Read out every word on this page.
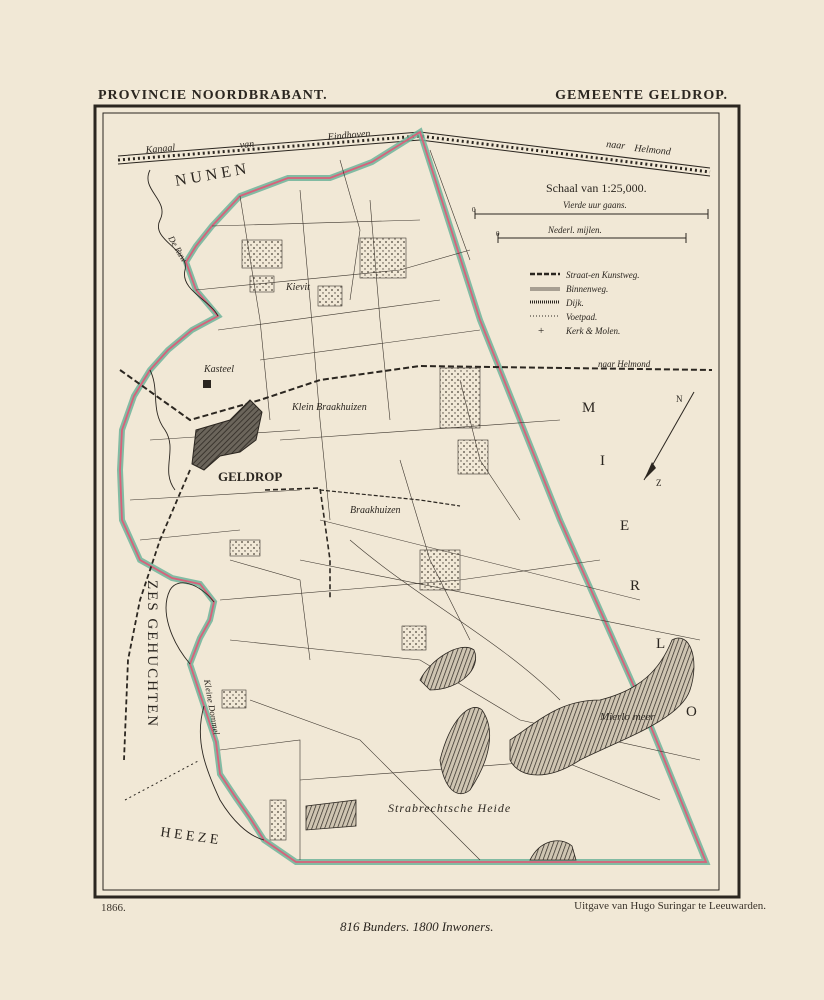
PROVINCIE NOORDBRABANT.	GEMEENTE GELDROP.
+
Kanaal	van
Eindhoven
naar Helmond
N U N E N	Schaal van 1:25,000.
Vierde uur gaans.
Nederl. mijlen.
0
0
Straat-en Kunstweg.
Binnenweg.
Dijk.
Voetpad.
Kerk & Molen.
De Ruw
Kievit
Kasteel
Klein Braakhuizen
GELDROP
Braakhuizen
naar Helmond
M
I
E
R
L
O
N
Z
Mierlo meer
Strabrechtsche Heide
ZES GEHUCHTEN	Kleine Dommel
H E E Z E
1866.	Uitgave van Hugo Suringar te Leeuwarden.
816 Bunders. 1800 Inwoners.
